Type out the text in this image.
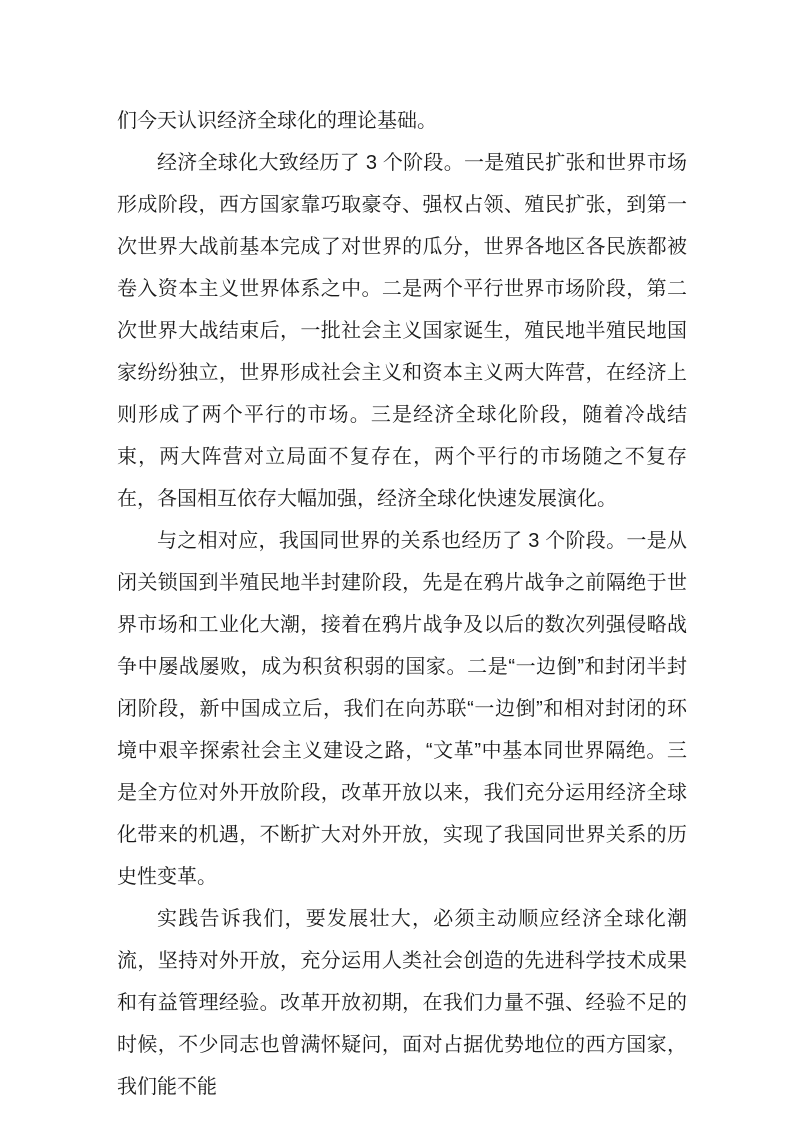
们今天认识经济全球化的理论基础。

经济全球化大致经历了 3 个阶段。一是殖民扩张和世界市场形成阶段，西方国家靠巧取豪夺、强权占领、殖民扩张，到第一次世界大战前基本完成了对世界的瓜分，世界各地区各民族都被卷入资本主义世界体系之中。二是两个平行世界市场阶段，第二次世界大战结束后，一批社会主义国家诞生，殖民地半殖民地国家纷纷独立，世界形成社会主义和资本主义两大阵营，在经济上则形成了两个平行的市场。三是经济全球化阶段，随着冷战结束，两大阵营对立局面不复存在，两个平行的市场随之不复存在，各国相互依存大幅加强，经济全球化快速发展演化。

与之相对应，我国同世界的关系也经历了 3 个阶段。一是从闭关锁国到半殖民地半封建阶段，先是在鸦片战争之前隔绝于世界市场和工业化大潮，接着在鸦片战争及以后的数次列强侵略战争中屡战屡败，成为积贫积弱的国家。二是“一边倒”和封闭半封闭阶段，新中国成立后，我们在向苏联“一边倒”和相对封闭的环境中艰辛探索社会主义建设之路，“文革”中基本同世界隔绝。三是全方位对外开放阶段，改革开放以来，我们充分运用经济全球化带来的机遇，不断扩大对外开放，实现了我国同世界关系的历史性变革。

实践告诉我们，要发展壮大，必须主动顺应经济全球化潮流，坚持对外开放，充分运用人类社会创造的先进科学技术成果和有益管理经验。改革开放初期，在我们力量不强、经验不足的时候，不少同志也曾满怀疑问，面对占据优势地位的西方国家，我们能不能
